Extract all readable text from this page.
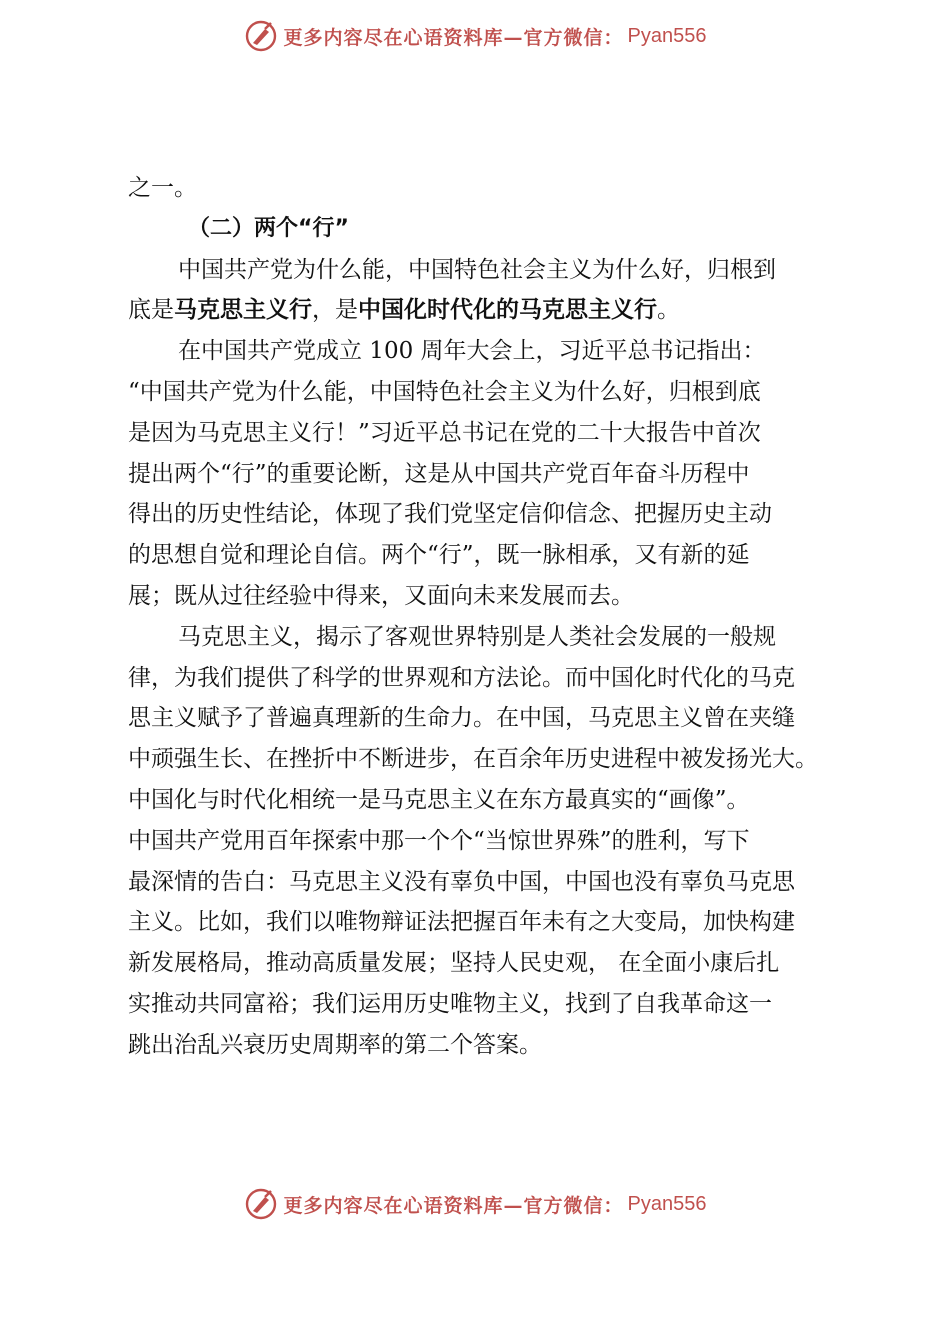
更多内容尽在心语资料库—官方微信： Pyan556
之一。
（二）两个“行”
中国共产党为什么能，中国特色社会主义为什么好，归根到
底是马克思主义行，是中国化时代化的马克思主义行。
在中国共产党成立 100 周年大会上，习近平总书记指出：
“中国共产党为什么能，中国特色社会主义为什么好，归根到底
是因为马克思主义行！”习近平总书记在党的二十大报告中首次
提出两个“行”的重要论断，这是从中国共产党百年奋斗历程中
得出的历史性结论，体现了我们党坚定信仰信念、把握历史主动
的思想自觉和理论自信。两个“行”，既一脉相承，又有新的延
展；既从过往经验中得来，又面向未来发展而去。
马克思主义，揭示了客观世界特别是人类社会发展的一般规
律，为我们提供了科学的世界观和方法论。而中国化时代化的马克
思主义赋予了普遍真理新的生命力。在中国，马克思主义曾在夹缝
中顽强生长、在挫折中不断进步，在百余年历史进程中被发扬光大。
中国化与时代化相统一是马克思主义在东方最真实的“画像”。
中国共产党用百年探索中那一个个“当惊世界殊”的胜利，写下
最深情的告白：马克思主义没有辜负中国，中国也没有辜负马克思
主义。比如，我们以唯物辩证法把握百年未有之大变局，加快构建
新发展格局，推动高质量发展；坚持人民史观， 在全面小康后扎
实推动共同富裕；我们运用历史唯物主义，找到了自我革命这一
跳出治乱兴衰历史周期率的第二个答案。
更多内容尽在心语资料库—官方微信： Pyan556
